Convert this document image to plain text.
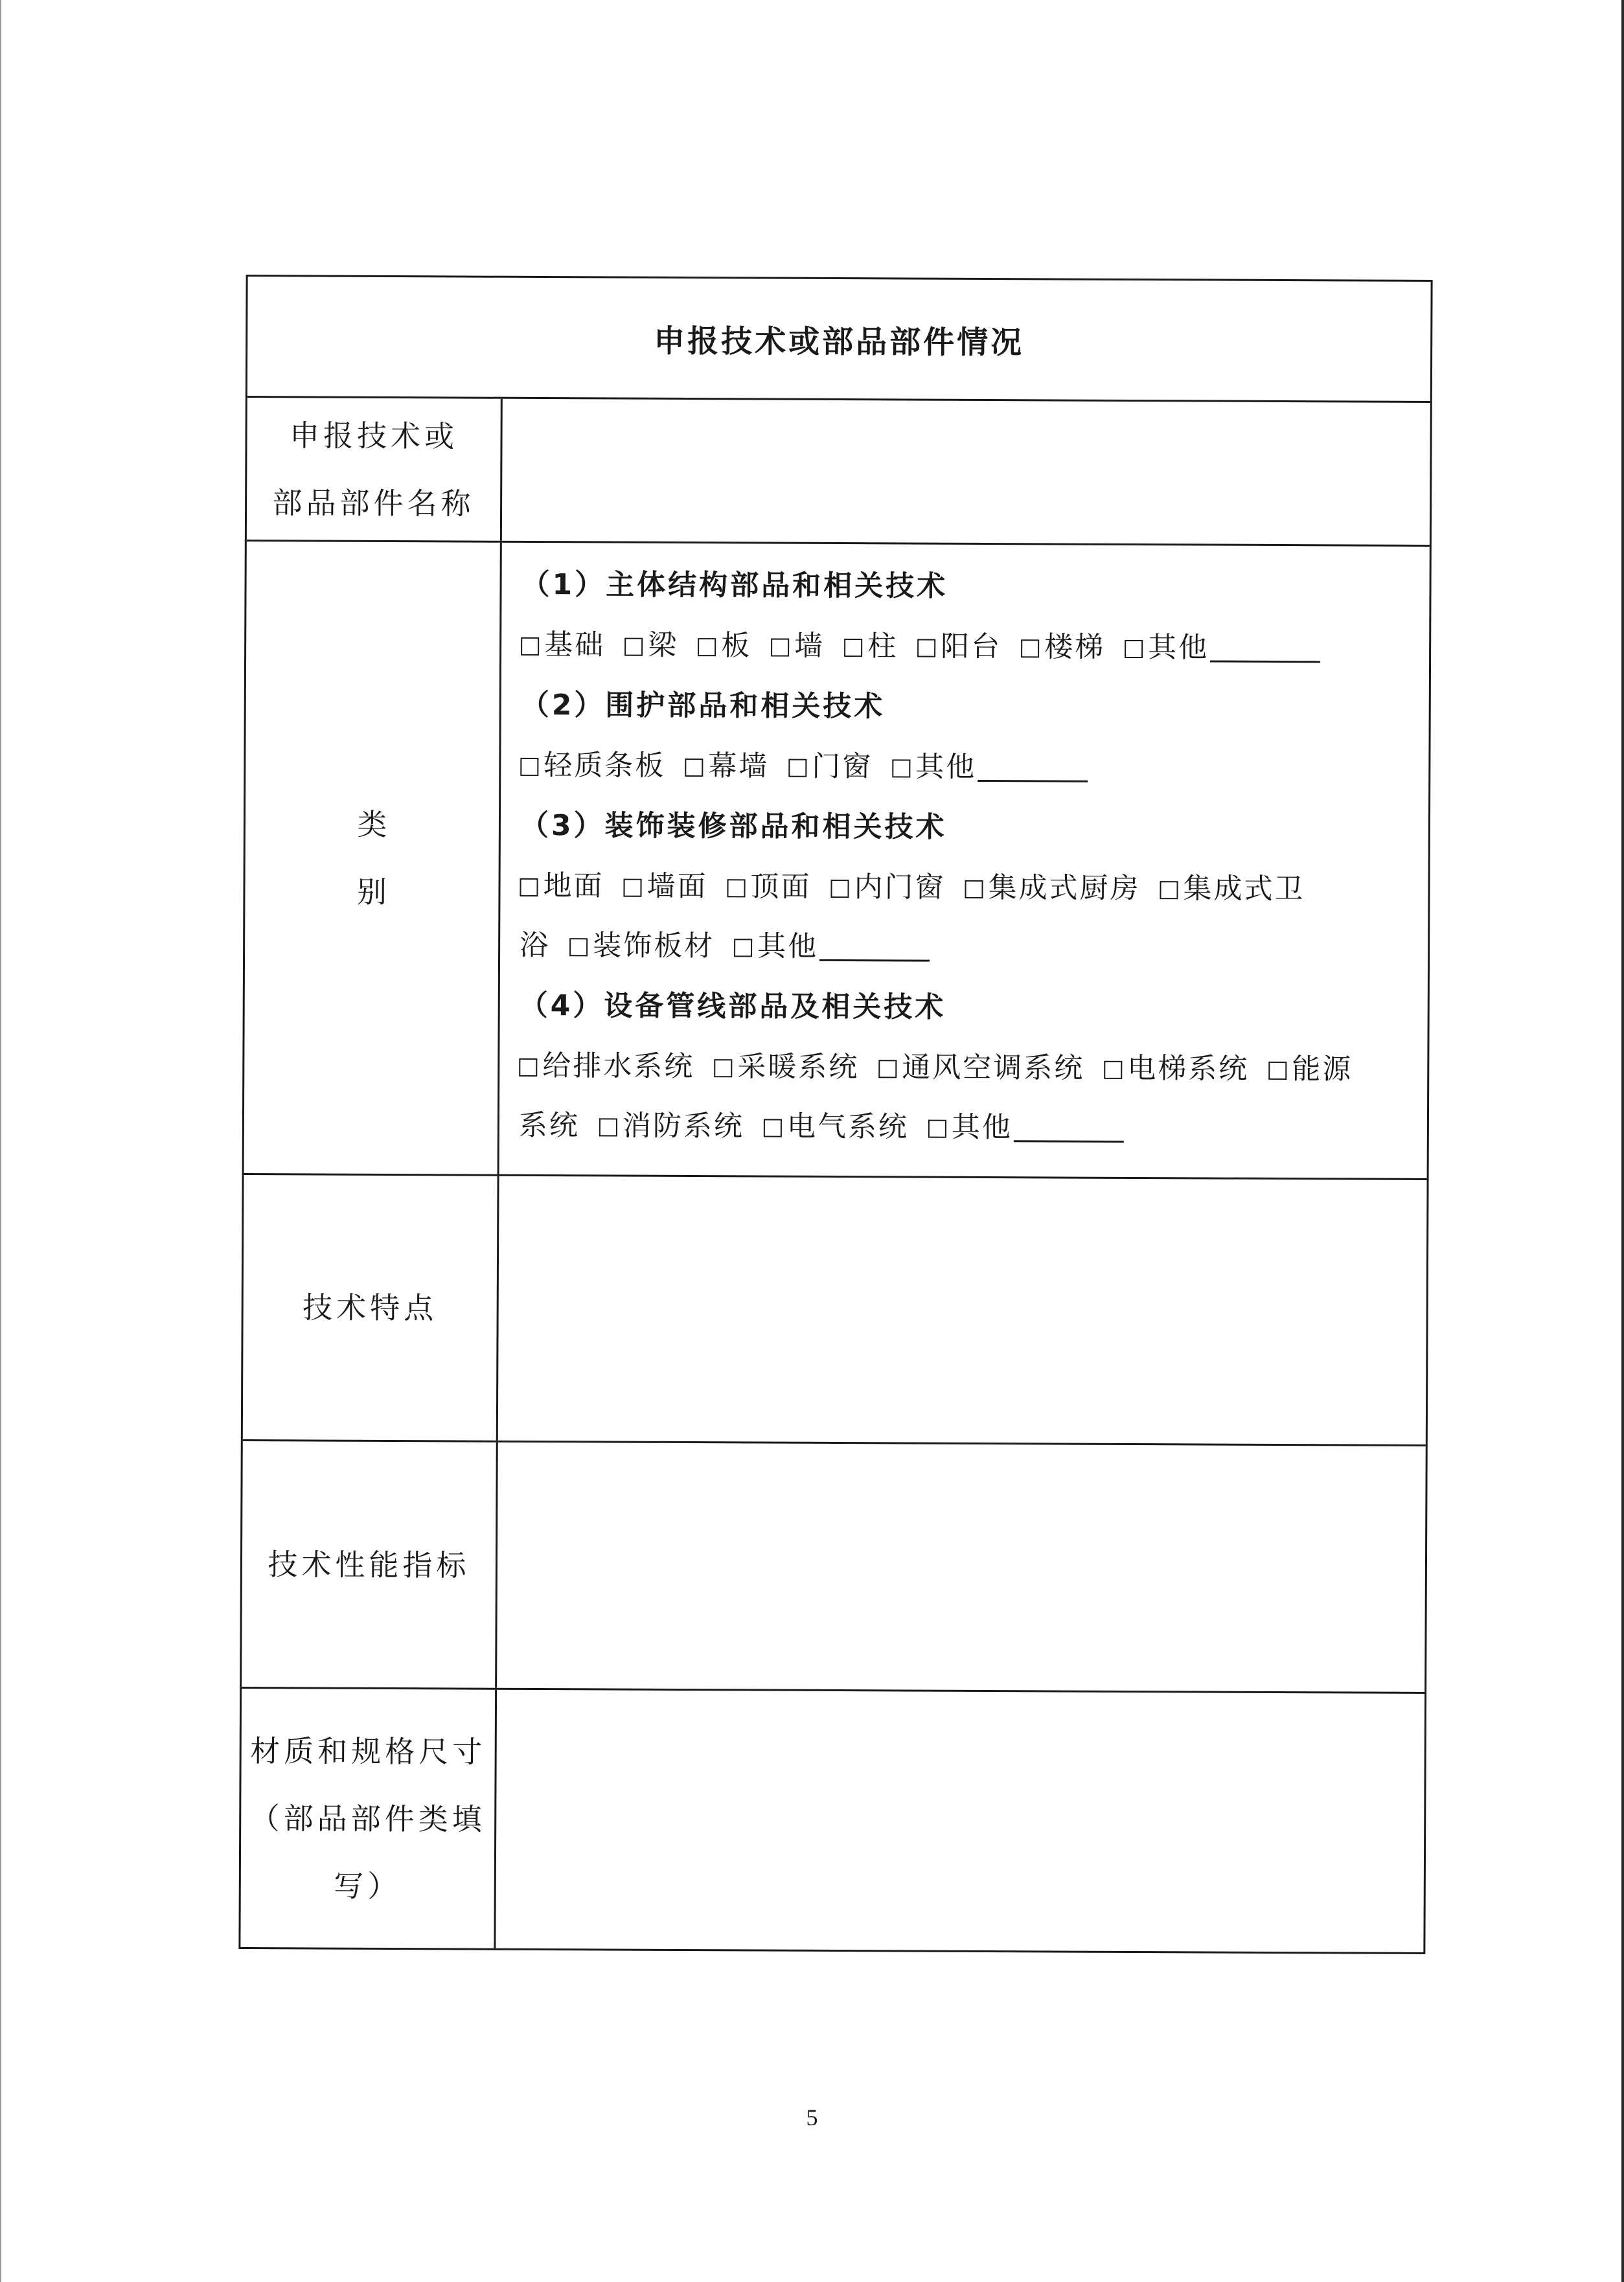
申报技术或部品部件情况
申报技术或
部品部件名称
类别
（1）主体结构部品和相关技术
基础 梁 板 墙 柱 阳台 楼梯 其他
（2）围护部品和相关技术
轻质条板 幕墙 门窗 其他
（3）装饰装修部品和相关技术
地面 墙面 顶面 内门窗 集成式厨房 集成式卫
浴 装饰板材 其他
（4）设备管线部品及相关技术
给排水系统 采暖系统 通风空调系统 电梯系统 能源
系统 消防系统 电气系统 其他
技术特点
技术性能指标
材质和规格尺寸
（部品部件类填
写）
5
